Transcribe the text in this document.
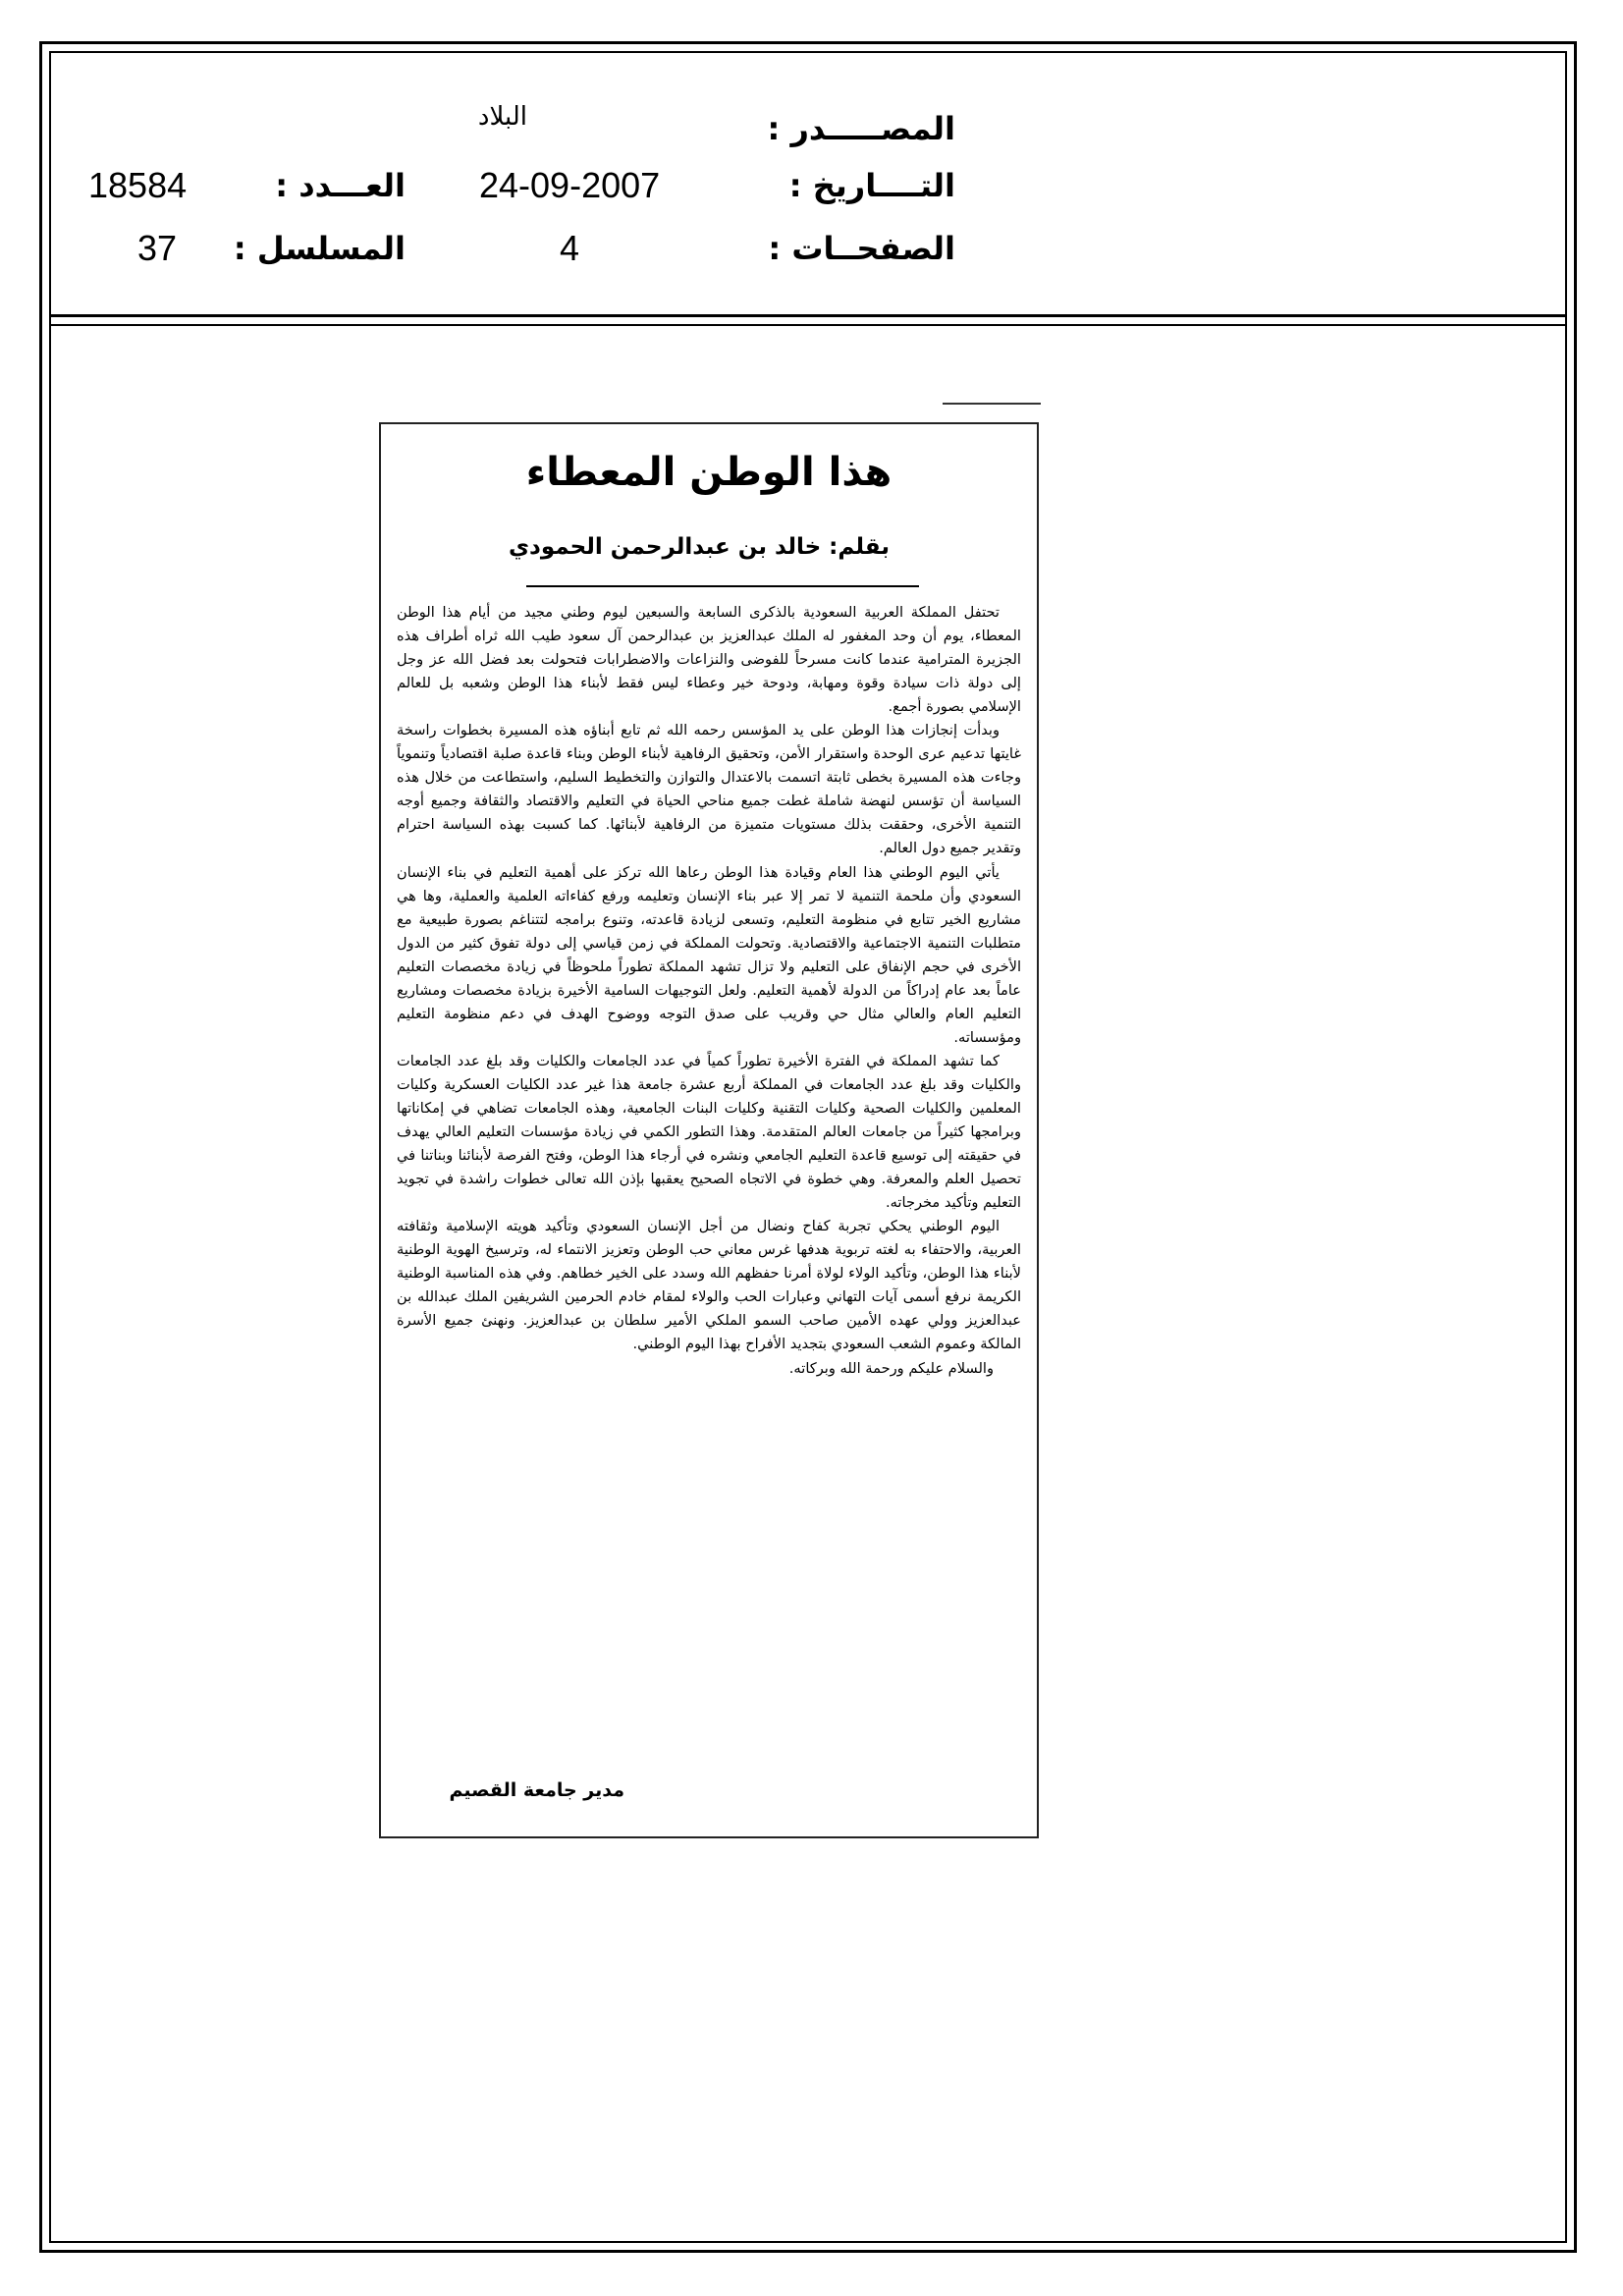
البلاد	المصـــــدر :
24-09-2007	التــــاريخ :
18584	العـــدد :
4	الصفحــات :
37 المسلسل :
هذا الوطن المعطاء
بقلم: خالد بن عبدالرحمن الحمودي

تحتفل المملكة العربية السعودية بالذكرى السابعة والسبعين ليوم وطني مجيد من أيام هذا الوطن المعطاء، يوم أن وحد المغفور له الملك عبدالعزيز بن عبدالرحمن آل سعود طيب الله ثراه أطراف هذه الجزيرة المترامية عندما كانت مسرحاً للفوضى والنزاعات والاضطرابات فتحولت بعد فضل الله عز وجل إلى دولة ذات سيادة وقوة ومهابة، ودوحة خير وعطاء ليس فقط لأبناء هذا الوطن وشعبه بل للعالم الإسلامي بصورة أجمع.

وبدأت إنجازات هذا الوطن على يد المؤسس رحمه الله ثم تابع أبناؤه هذه المسيرة بخطوات راسخة غايتها تدعيم عرى الوحدة واستقرار الأمن، وتحقيق الرفاهية لأبناء الوطن وبناء قاعدة صلبة اقتصادياً وتنموياً وجاءت هذه المسيرة بخطى ثابتة اتسمت بالاعتدال والتوازن والتخطيط السليم، واستطاعت من خلال هذه السياسة أن تؤسس لنهضة شاملة غطت جميع مناحي الحياة في التعليم والاقتصاد والثقافة وجميع أوجه التنمية الأخرى، وحققت بذلك مستويات متميزة من الرفاهية لأبنائها. كما كسبت بهذه السياسة احترام وتقدير جميع دول العالم.

يأتي اليوم الوطني هذا العام وقيادة هذا الوطن رعاها الله تركز على أهمية التعليم في بناء الإنسان السعودي وأن ملحمة التنمية لا تمر إلا عبر بناء الإنسان وتعليمه ورفع كفاءاته العلمية والعملية، وها هي مشاريع الخير تتابع في منظومة التعليم، وتسعى لزيادة قاعدته، وتنوع برامجه لتتناغم بصورة طبيعية مع متطلبات التنمية الاجتماعية والاقتصادية. وتحولت المملكة في زمن قياسي إلى دولة تفوق كثير من الدول الأخرى في حجم الإنفاق على التعليم ولا تزال تشهد المملكة تطوراً ملحوظاً في زيادة مخصصات التعليم عاماً بعد عام إدراكاً من الدولة لأهمية التعليم. ولعل التوجيهات السامية الأخيرة بزيادة مخصصات ومشاريع التعليم العام والعالي مثال حي وقريب على صدق التوجه ووضوح الهدف في دعم منظومة التعليم ومؤسساته.

كما تشهد المملكة في الفترة الأخيرة تطوراً كمياً في عدد الجامعات والكليات وقد بلغ عدد الجامعات والكليات وقد بلغ عدد الجامعات في المملكة أربع عشرة جامعة هذا غير عدد الكليات العسكرية وكليات المعلمين والكليات الصحية وكليات التقنية وكليات البنات الجامعية، وهذه الجامعات تضاهي في إمكاناتها وبرامجها كثيراً من جامعات العالم المتقدمة. وهذا التطور الكمي في زيادة مؤسسات التعليم العالي يهدف في حقيقته إلى توسيع قاعدة التعليم الجامعي ونشره في أرجاء هذا الوطن، وفتح الفرصة لأبنائنا وبناتنا في تحصيل العلم والمعرفة. وهي خطوة في الاتجاه الصحيح يعقبها بإذن الله تعالى خطوات راشدة في تجويد التعليم وتأكيد مخرجاته.

اليوم الوطني يحكي تجربة كفاح ونضال من أجل الإنسان السعودي وتأكيد هويته الإسلامية وثقافته العربية، والاحتفاء به لغته تربوية هدفها غرس معاني حب الوطن وتعزيز الانتماء له، وترسيخ الهوية الوطنية لأبناء هذا الوطن، وتأكيد الولاء لولاة أمرنا حفظهم الله وسدد على الخير خطاهم. وفي هذه المناسبة الوطنية الكريمة نرفع أسمى آيات التهاني وعبارات الحب والولاء لمقام خادم الحرمين الشريفين الملك عبدالله بن عبدالعزيز وولي عهده الأمين صاحب السمو الملكي الأمير سلطان بن عبدالعزيز. ونهنئ جميع الأسرة المالكة وعموم الشعب السعودي بتجديد الأفراح بهذا اليوم الوطني.

والسلام عليكم ورحمة الله وبركاته.

مدير جامعة القصيم
